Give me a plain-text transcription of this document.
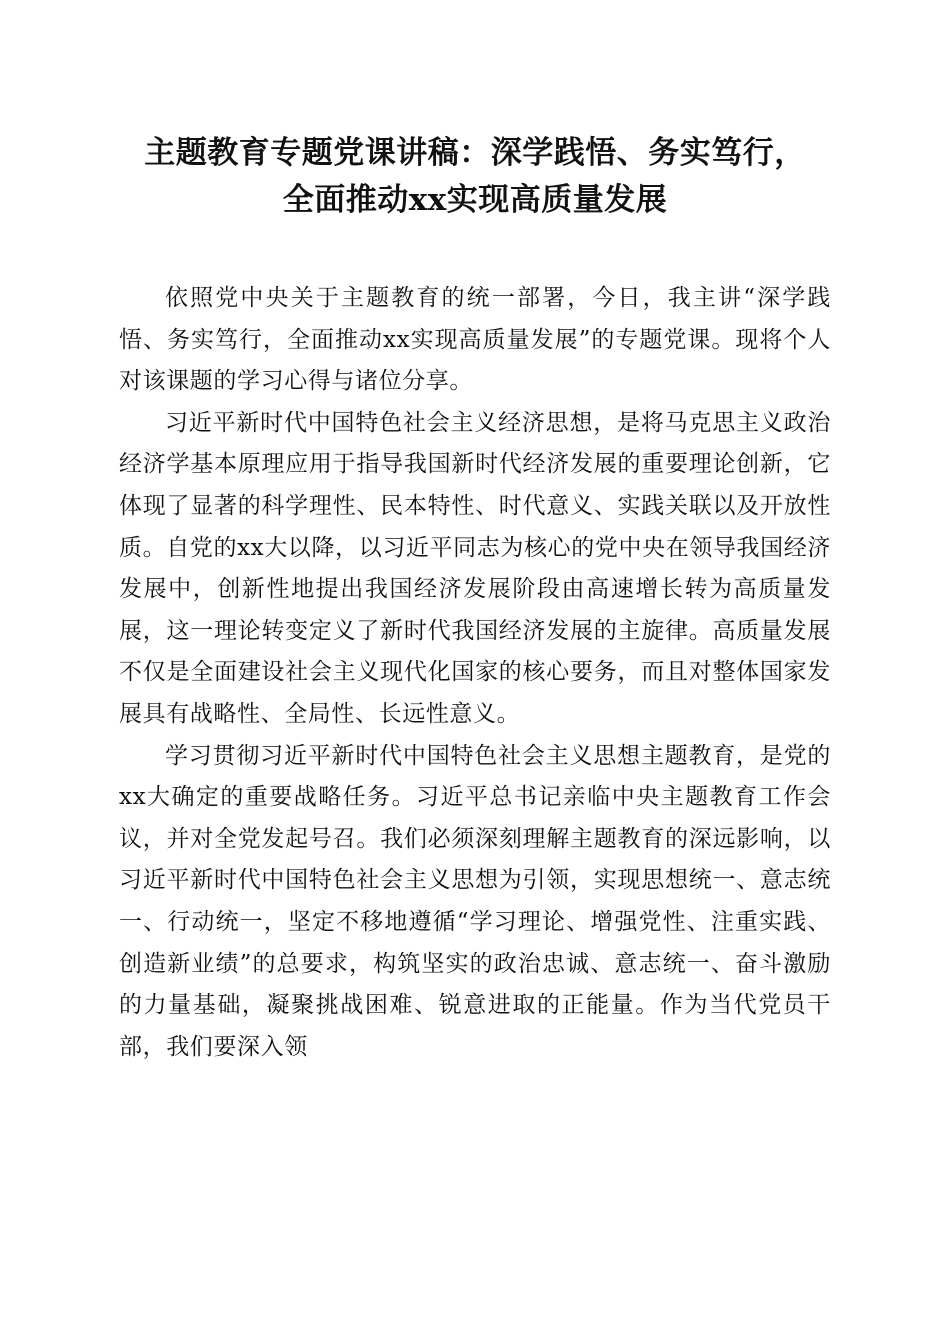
主题教育专题党课讲稿：深学践悟、务实笃行，
全面推动xx实现高质量发展

依照党中央关于主题教育的统一部署，今日，我主讲“深学践悟、务实笃行，全面推动xx实现高质量发展”的专题党课。现将个人对该课题的学习心得与诸位分享。

习近平新时代中国特色社会主义经济思想，是将马克思主义政治经济学基本原理应用于指导我国新时代经济发展的重要理论创新，它体现了显著的科学理性、民本特性、时代意义、实践关联以及开放性质。自党的xx大以降，以习近平同志为核心的党中央在领导我国经济发展中，创新性地提出我国经济发展阶段由高速增长转为高质量发展，这一理论转变定义了新时代我国经济发展的主旋律。高质量发展不仅是全面建设社会主义现代化国家的核心要务，而且对整体国家发展具有战略性、全局性、长远性意义。

学习贯彻习近平新时代中国特色社会主义思想主题教育，是党的xx大确定的重要战略任务。习近平总书记亲临中央主题教育工作会议，并对全党发起号召。我们必须深刻理解主题教育的深远影响，以习近平新时代中国特色社会主义思想为引领，实现思想统一、意志统一、行动统一，坚定不移地遵循“学习理论、增强党性、注重实践、创造新业绩”的总要求，构筑坚实的政治忠诚、意志统一、奋斗激励的力量基础，凝聚挑战困难、锐意进取的正能量。作为当代党员干部，我们要深入领
